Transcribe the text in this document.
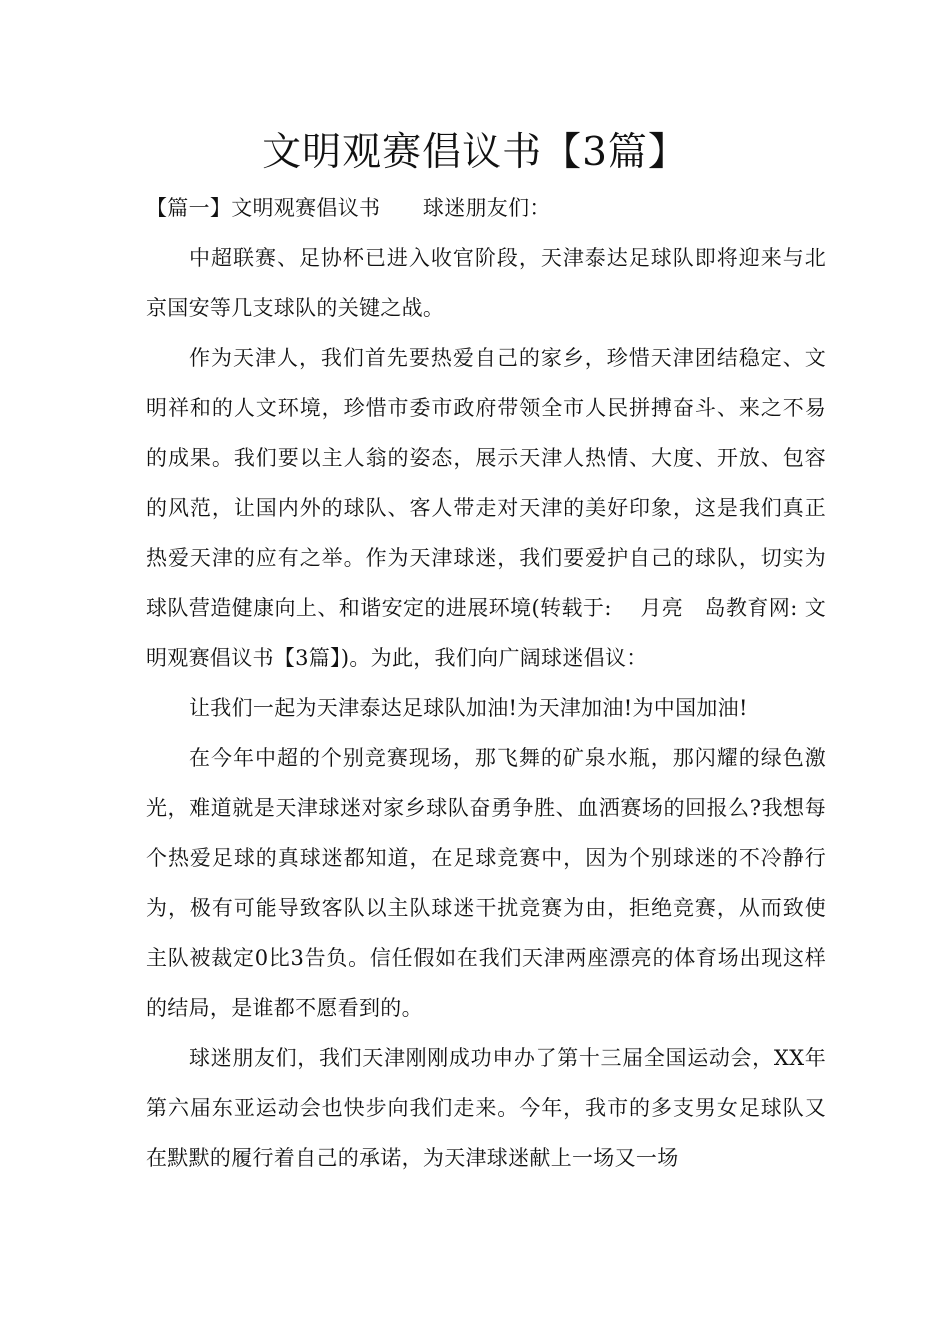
文明观赛倡议书【3篇】

【篇一】文明观赛倡议书　　球迷朋友们：

中超联赛、足协杯已进入收官阶段，天津泰达足球队即将迎来与北京国安等几支球队的关键之战。

作为天津人，我们首先要热爱自己的家乡，珍惜天津团结稳定、文明祥和的人文环境，珍惜市委市政府带领全市人民拼搏奋斗、来之不易的成果。我们要以主人翁的姿态，展示天津人热情、大度、开放、包容的风范，让国内外的球队、客人带走对天津的美好印象，这是我们真正热爱天津的应有之举。作为天津球迷，我们要爱护自己的球队，切实为球队营造健康向上、和谐安定的进展环境(转载于:　 月亮　岛教育网: 文明观赛倡议书【3篇】)。为此，我们向广阔球迷倡议：

让我们一起为天津泰达足球队加油!为天津加油!为中国加油!

在今年中超的个别竞赛现场，那飞舞的矿泉水瓶，那闪耀的绿色激光，难道就是天津球迷对家乡球队奋勇争胜、血洒赛场的回报么?我想每个热爱足球的真球迷都知道，在足球竞赛中，因为个别球迷的不冷静行为，极有可能导致客队以主队球迷干扰竞赛为由，拒绝竞赛，从而致使主队被裁定0比3告负。信任假如在我们天津两座漂亮的体育场出现这样的结局，是谁都不愿看到的。

球迷朋友们，我们天津刚刚成功申办了第十三届全国运动会，XX年第六届东亚运动会也快步向我们走来。今年，我市的多支男女足球队又在默默的履行着自己的承诺，为天津球迷献上一场又一场
